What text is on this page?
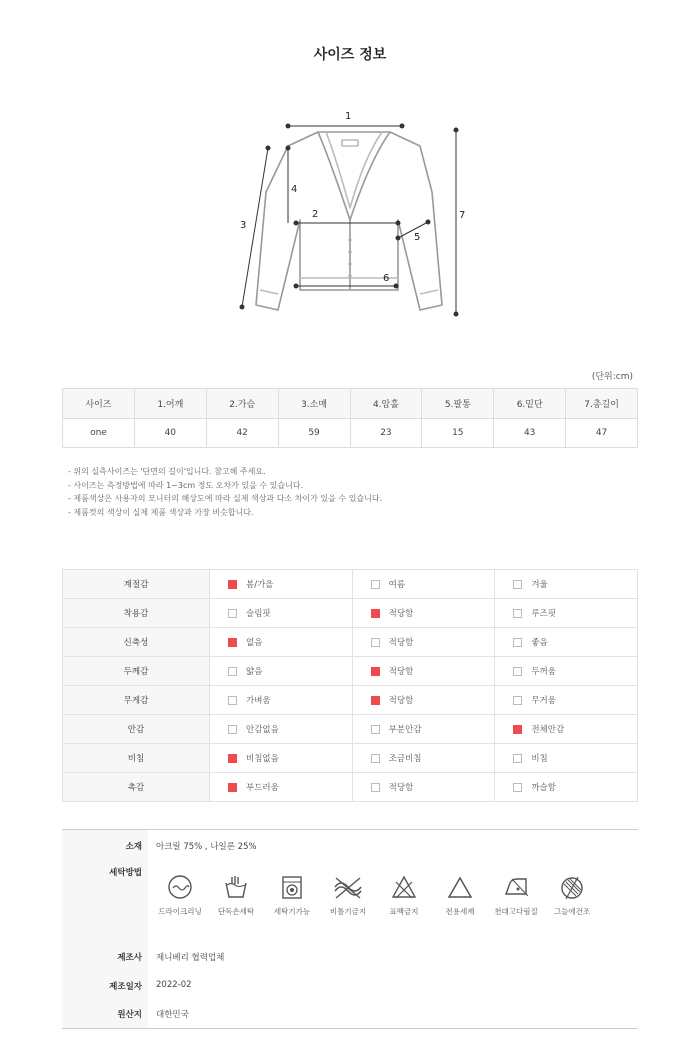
사이즈 정보
1
2
3
4
5
6
7
(단위:cm)
사이즈	1.어깨	2.가슴	3.소매	4.암홀	5.팔통	6.밑단	7.총길이
one	40	42	59	23	15	43	47
- 위의 실측사이즈는 '단면의 길이'입니다. 참고해 주세요.
- 사이즈는 측정방법에 따라 1~3cm 정도 오차가 있을 수 있습니다.
- 제품색상은 사용자의 모니터의 해상도에 따라 실제 색상과 다소 차이가 있을 수 있습니다.
- 제품컷의 색상이 실제 제품 색상과 가장 비슷합니다.
계절감	봄/가을	여름	겨울
착용감	슬림핏	적당함	루즈핏
신축성	없음	적당함	좋음
두께감	얇음	적당함	두꺼움
무게감	가벼움	적당함	무거움
안감	안감없음	부분안감	전체안감
비침	비침없음	조금비침	비침
촉감	부드러움	적당함	까슬함
소재 아크릴 75% , 나일론 25%
세탁방법
드라이크리닝	단독손세탁	세탁기가능	비틀기금지	표백금지	전용세제	천대고다림질	그늘에건조
제조사 제니베리 협력업체
제조일자 2022-02
원산지 대한민국
